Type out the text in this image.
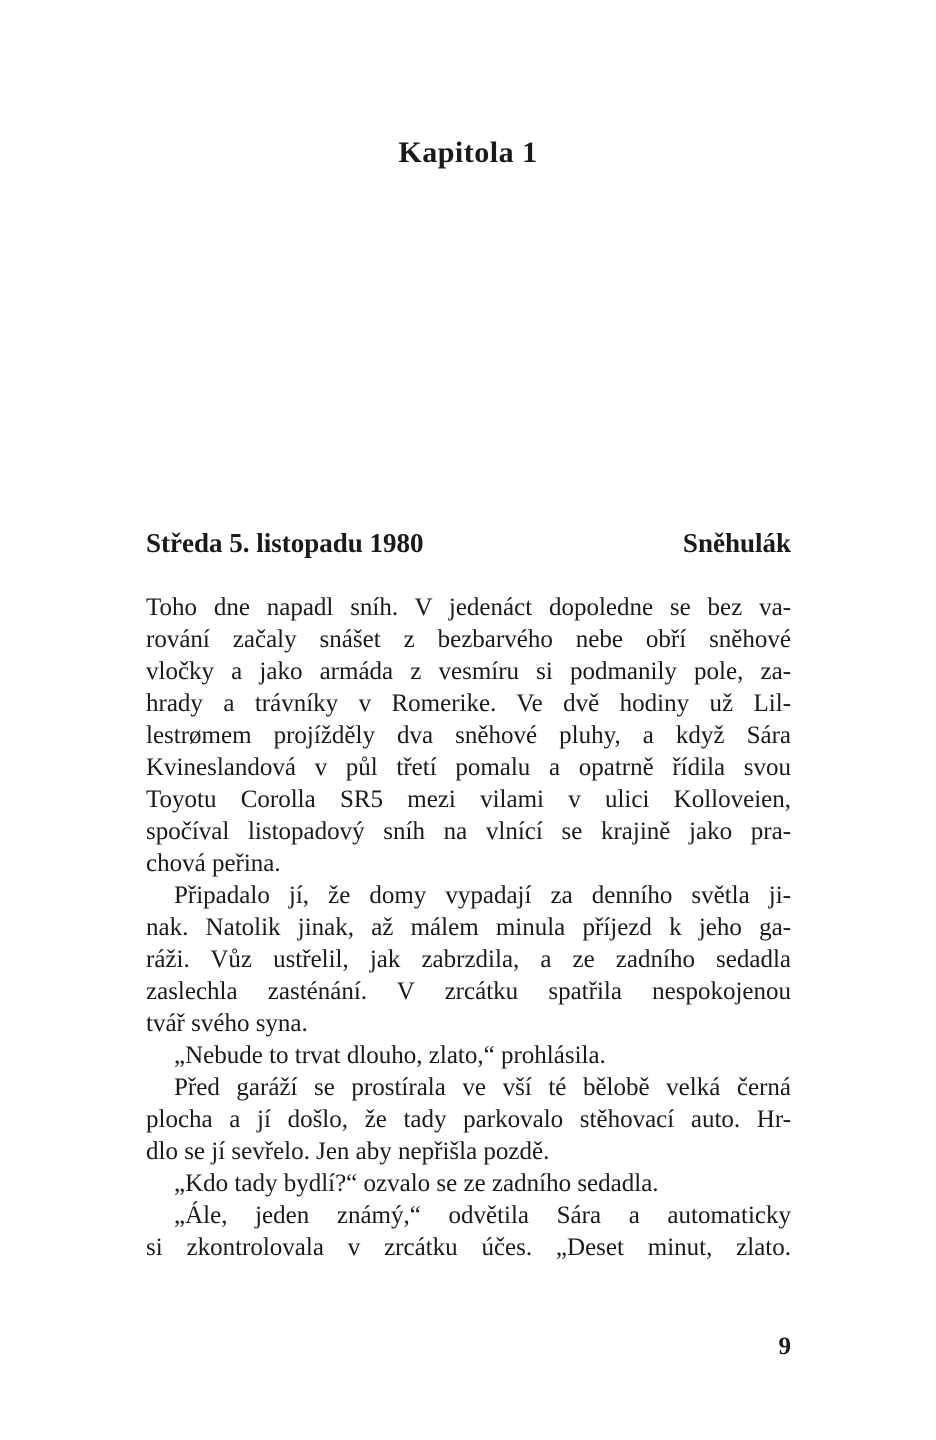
Kapitola 1
Středa 5. listopadu 1980	Sněhulák
Toho dne napadl sníh. V jedenáct dopoledne se bez va-
rování začaly snášet z bezbarvého nebe obří sněhové
vločky a jako armáda z vesmíru si podmanily pole, za-
hrady a trávníky v Romerike. Ve dvě hodiny už Lil-
lestrømem projížděly dva sněhové pluhy, a když Sára
Kvineslandová v půl třetí pomalu a opatrně řídila svou
Toyotu Corolla SR5 mezi vilami v ulici Kolloveien,
spočíval listopadový sníh na vlnící se krajině jako pra-
chová peřina.
Připadalo jí, že domy vypadají za denního světla ji-
nak. Natolik jinak, až málem minula příjezd k jeho ga-
ráži. Vůz ustřelil, jak zabrzdila, a ze zadního sedadla
zaslechla zasténání. V zrcátku spatřila nespokojenou
tvář svého syna.
„Nebude to trvat dlouho, zlato,“ prohlásila.
Před garáží se prostírala ve vší té bělobě velká černá
plocha a jí došlo, že tady parkovalo stěhovací auto. Hr-
dlo se jí sevřelo. Jen aby nepřišla pozdě.
„Kdo tady bydlí?“ ozvalo se ze zadního sedadla.
„Ále, jeden známý,“ odvětila Sára a automaticky
si zkontrolovala v zrcátku účes. „Deset minut, zlato.
9
